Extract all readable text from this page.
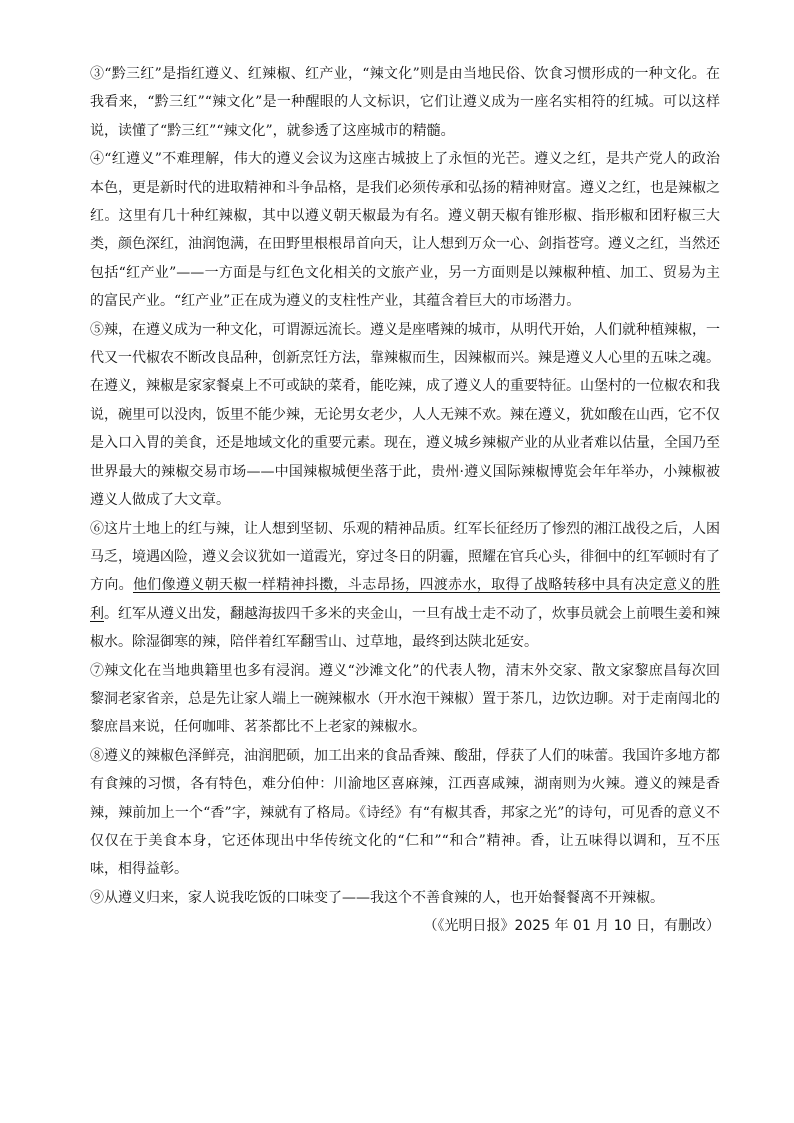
③“黔三红”是指红遵义、红辣椒、红产业，“辣文化”则是由当地民俗、饮食习惯形成的一种文化。在我看来，“黔三红”“辣文化”是一种醒眼的人文标识，它们让遵义成为一座名实相符的红城。可以这样说，读懂了“黔三红”“辣文化”，就参透了这座城市的精髓。

④“红遵义”不难理解，伟大的遵义会议为这座古城披上了永恒的光芒。遵义之红，是共产党人的政治本色，更是新时代的进取精神和斗争品格，是我们必须传承和弘扬的精神财富。遵义之红，也是辣椒之红。这里有几十种红辣椒，其中以遵义朝天椒最为有名。遵义朝天椒有锥形椒、指形椒和团籽椒三大类，颜色深红，油润饱满，在田野里根根昂首向天，让人想到万众一心、剑指苍穹。遵义之红，当然还包括“红产业”——一方面是与红色文化相关的文旅产业，另一方面则是以辣椒种植、加工、贸易为主的富民产业。“红产业”正在成为遵义的支柱性产业，其蕴含着巨大的市场潜力。

⑤辣，在遵义成为一种文化，可谓源远流长。遵义是座嗜辣的城市，从明代开始，人们就种植辣椒，一代又一代椒农不断改良品种，创新烹饪方法，靠辣椒而生，因辣椒而兴。辣是遵义人心里的五味之魂。在遵义，辣椒是家家餐桌上不可或缺的菜肴，能吃辣，成了遵义人的重要特征。山堡村的一位椒农和我说，碗里可以没肉，饭里不能少辣，无论男女老少，人人无辣不欢。辣在遵义，犹如酸在山西，它不仅是入口入胃的美食，还是地域文化的重要元素。现在，遵义城乡辣椒产业的从业者难以估量，全国乃至世界最大的辣椒交易市场——中国辣椒城便坐落于此，贵州·遵义国际辣椒博览会年年举办，小辣椒被遵义人做成了大文章。

⑥这片土地上的红与辣，让人想到坚韧、乐观的精神品质。红军长征经历了惨烈的湘江战役之后，人困马乏，境遇凶险，遵义会议犹如一道霞光，穿过冬日的阴霾，照耀在官兵心头，徘徊中的红军顿时有了方向。他们像遵义朝天椒一样精神抖擞，斗志昂扬，四渡赤水，取得了战略转移中具有决定意义的胜利。红军从遵义出发，翻越海拔四千多米的夹金山，一旦有战士走不动了，炊事员就会上前喂生姜和辣椒水。除湿御寒的辣，陪伴着红军翻雪山、过草地，最终到达陕北延安。

⑦辣文化在当地典籍里也多有浸润。遵义“沙滩文化”的代表人物，清末外交家、散文家黎庶昌每次回黎洞老家省亲，总是先让家人端上一碗辣椒水（开水泡干辣椒）置于茶几，边饮边聊。对于走南闯北的黎庶昌来说，任何咖啡、茗茶都比不上老家的辣椒水。

⑧遵义的辣椒色泽鲜亮，油润肥硕，加工出来的食品香辣、酸甜，俘获了人们的味蕾。我国许多地方都有食辣的习惯，各有特色，难分伯仲：川渝地区喜麻辣，江西喜咸辣，湖南则为火辣。遵义的辣是香辣，辣前加上一个“香”字，辣就有了格局。《诗经》有“有椒其香，邦家之光”的诗句，可见香的意义不仅仅在于美食本身，它还体现出中华传统文化的“仁和”“和合”精神。香，让五味得以调和，互不压味，相得益彰。

⑨从遵义归来，家人说我吃饭的口味变了——我这个不善食辣的人，也开始餐餐离不开辣椒。

（《光明日报》2025 年 01 月 10 日，有删改）
